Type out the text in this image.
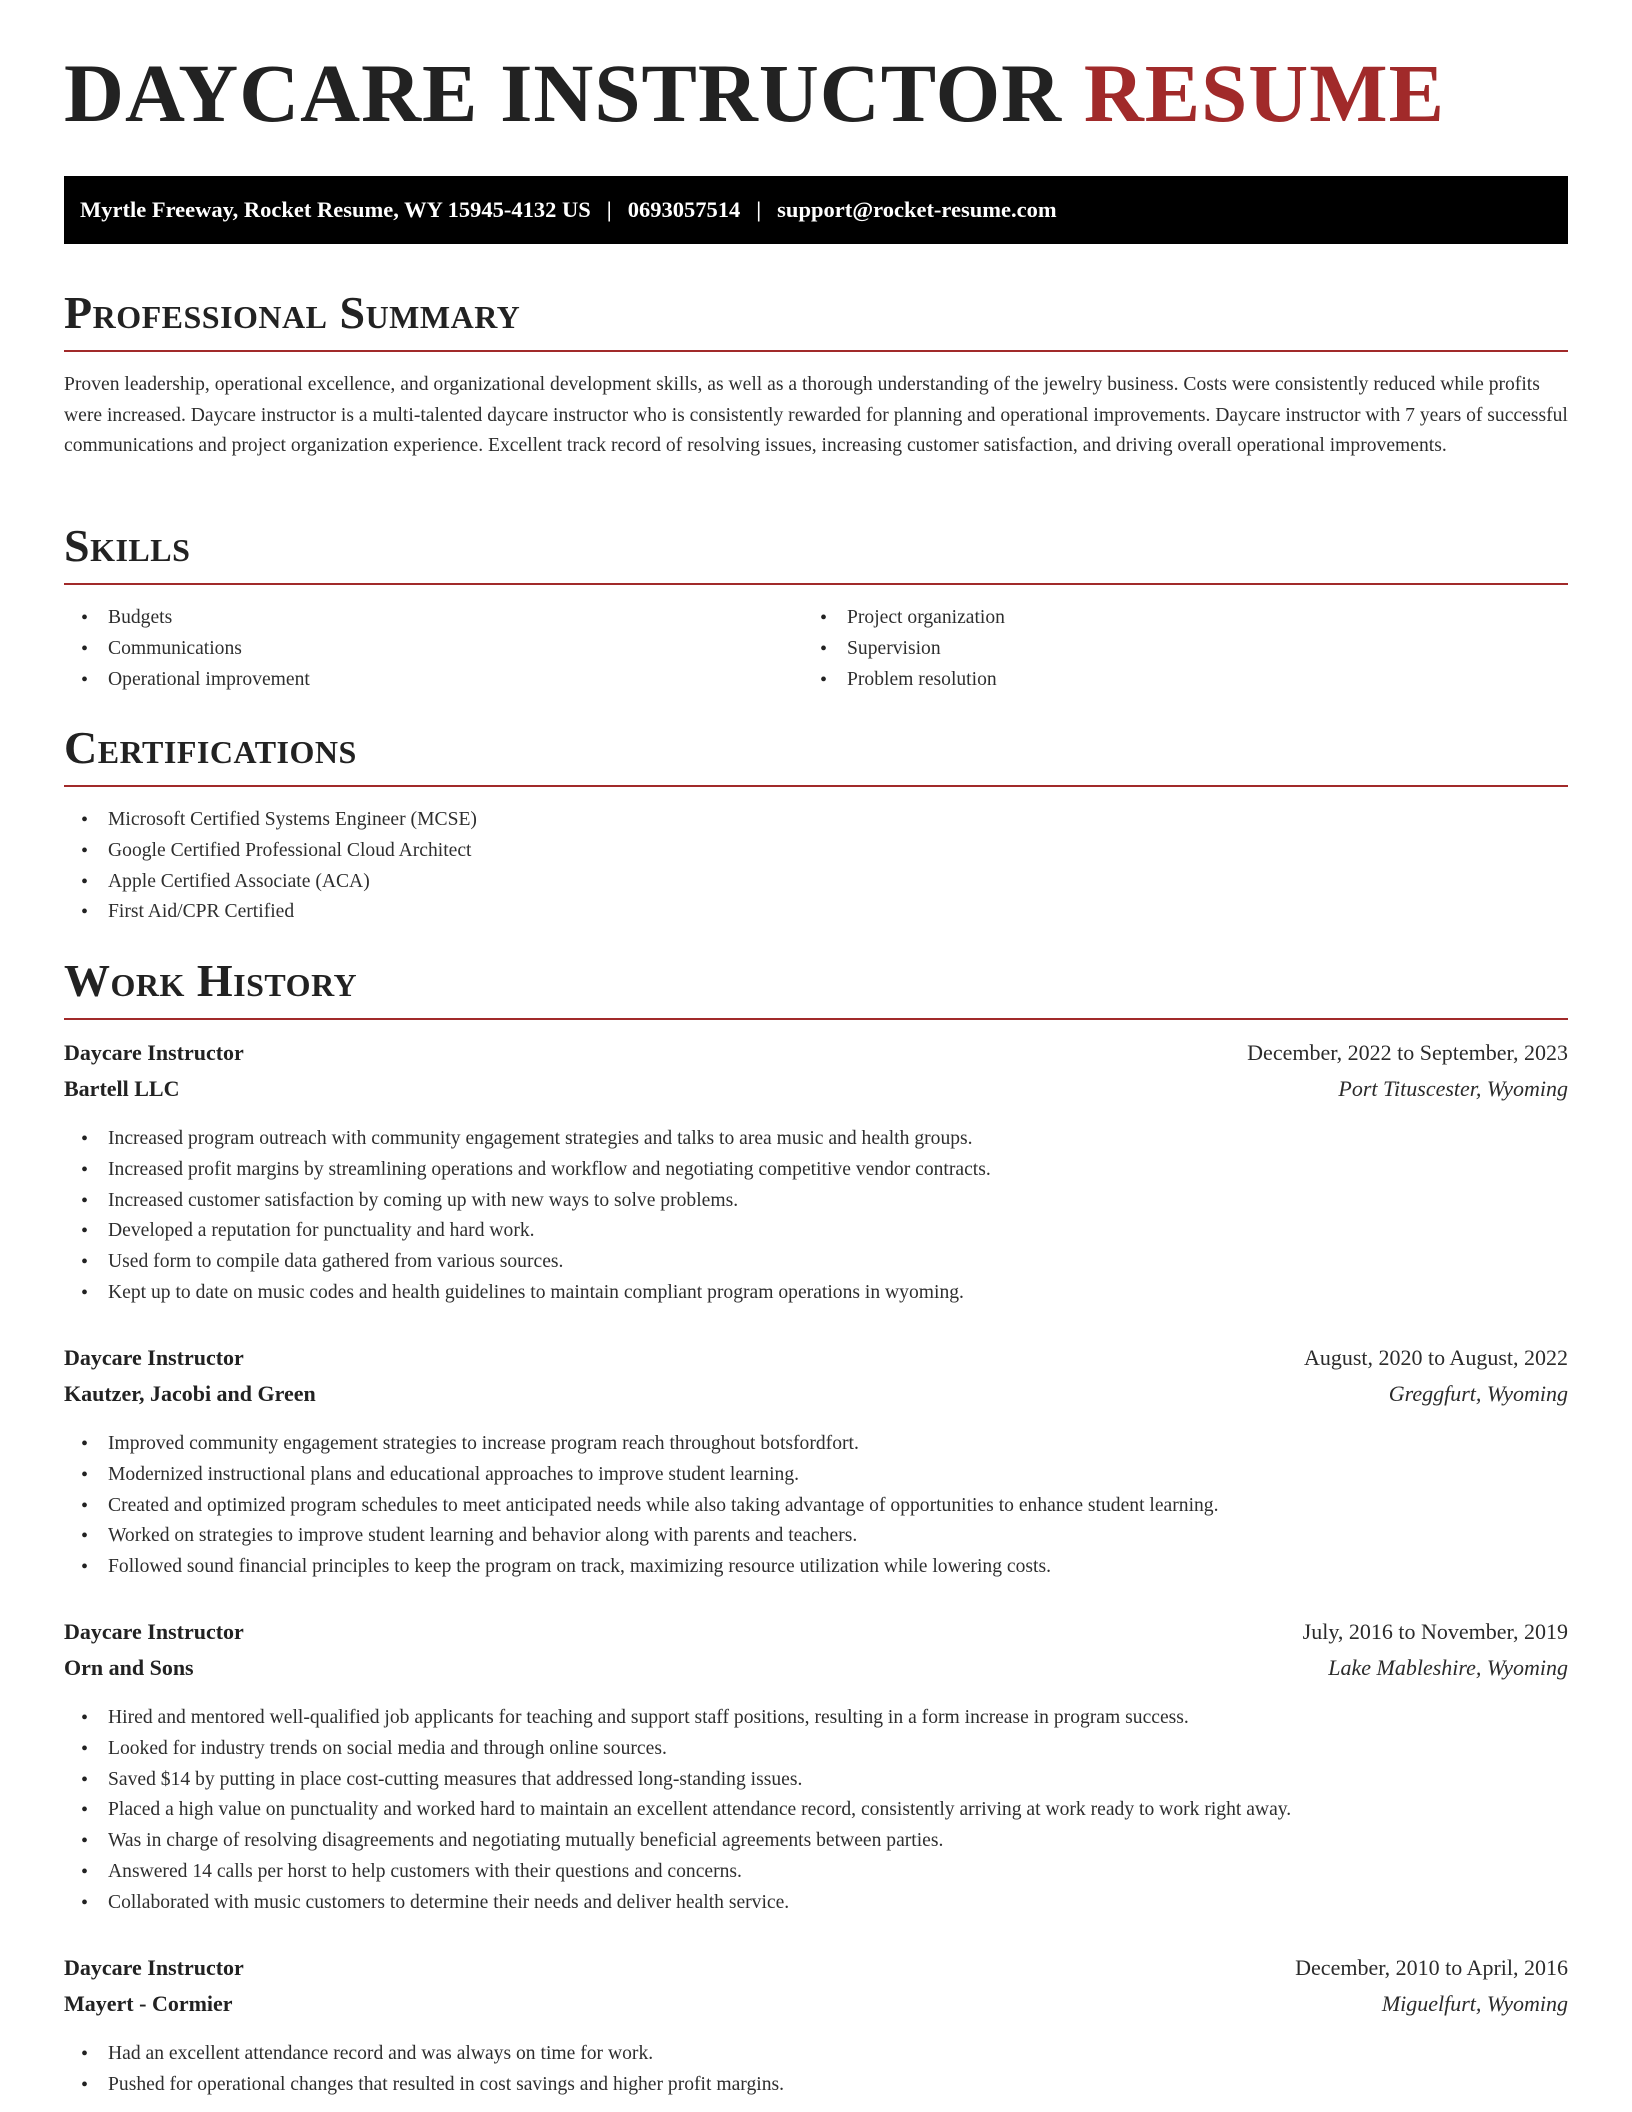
DAYCARE INSTRUCTOR RESUME
Myrtle Freeway, Rocket Resume, WY 15945-4132 US | 0693057514 | support@rocket-resume.com
Professional Summary

Proven leadership, operational excellence, and organizational development skills, as well as a thorough understanding of the jewelry business. Costs were consistently reduced while profits were increased. Daycare instructor is a multi-talented daycare instructor who is consistently rewarded for planning and operational improvements. Daycare instructor with 7 years of successful communications and project organization experience. Excellent track record of resolving issues, increasing customer satisfaction, and driving overall operational improvements.

Skills
• Budgets
• Communications
• Operational improvement
• Project organization
• Supervision
• Problem resolution
Certifications
• Microsoft Certified Systems Engineer (MCSE)
• Google Certified Professional Cloud Architect
• Apple Certified Associate (ACA)
• First Aid/CPR Certified
Work History
Daycare Instructor	December, 2022 to September, 2023
Bartell LLC	Port Tituscester, Wyoming
• Increased program outreach with community engagement strategies and talks to area music and health groups.
• Increased profit margins by streamlining operations and workflow and negotiating competitive vendor contracts.
• Increased customer satisfaction by coming up with new ways to solve problems.
• Developed a reputation for punctuality and hard work.
• Used form to compile data gathered from various sources.
• Kept up to date on music codes and health guidelines to maintain compliant program operations in wyoming.
Daycare Instructor	August, 2020 to August, 2022
Kautzer, Jacobi and Green	Greggfurt, Wyoming
• Improved community engagement strategies to increase program reach throughout botsfordfort.
• Modernized instructional plans and educational approaches to improve student learning.
• Created and optimized program schedules to meet anticipated needs while also taking advantage of opportunities to enhance student learning.
• Worked on strategies to improve student learning and behavior along with parents and teachers.
• Followed sound financial principles to keep the program on track, maximizing resource utilization while lowering costs.
Daycare Instructor	July, 2016 to November, 2019
Orn and Sons	Lake Mableshire, Wyoming
• Hired and mentored well-qualified job applicants for teaching and support staff positions, resulting in a form increase in program success.
• Looked for industry trends on social media and through online sources.
• Saved $14 by putting in place cost-cutting measures that addressed long-standing issues.
• Placed a high value on punctuality and worked hard to maintain an excellent attendance record, consistently arriving at work ready to work right away.
• Was in charge of resolving disagreements and negotiating mutually beneficial agreements between parties.
• Answered 14 calls per horst to help customers with their questions and concerns.
• Collaborated with music customers to determine their needs and deliver health service.
Daycare Instructor	December, 2010 to April, 2016
Mayert - Cormier	Miguelfurt, Wyoming
• Had an excellent attendance record and was always on time for work.
• Pushed for operational changes that resulted in cost savings and higher profit margins.
